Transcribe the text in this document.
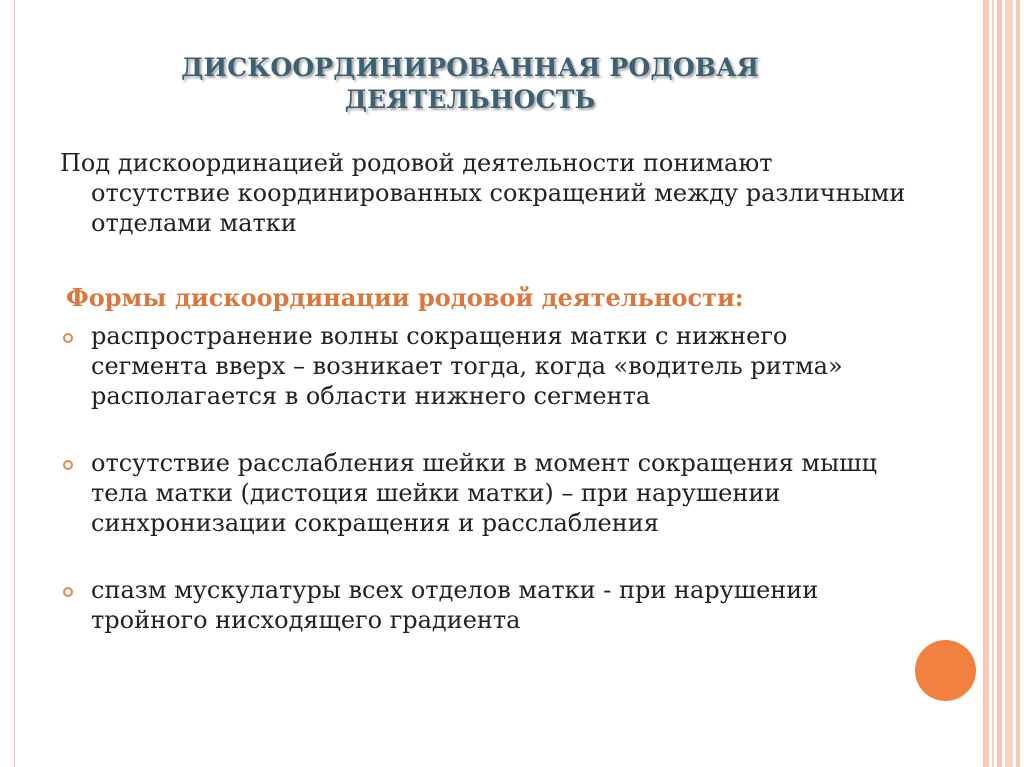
ДИСКООРДИНИРОВАННАЯ РОДОВАЯ
ДЕЯТЕЛЬНОСТЬ
Под дискоординацией родовой деятельности понимают отсутствие координированных сокращений между различными отделами матки
Формы дискоординации родовой деятельности:
распространение волны сокращения матки с нижнего сегмента вверх – возникает тогда, когда «водитель ритма» располагается в области нижнего сегмента
отсутствие расслабления шейки в момент сокращения мышц тела матки (дистоция шейки матки) – при нарушении синхронизации сокращения и расслабления
спазм мускулатуры всех отделов матки - при нарушении тройного нисходящего градиента
